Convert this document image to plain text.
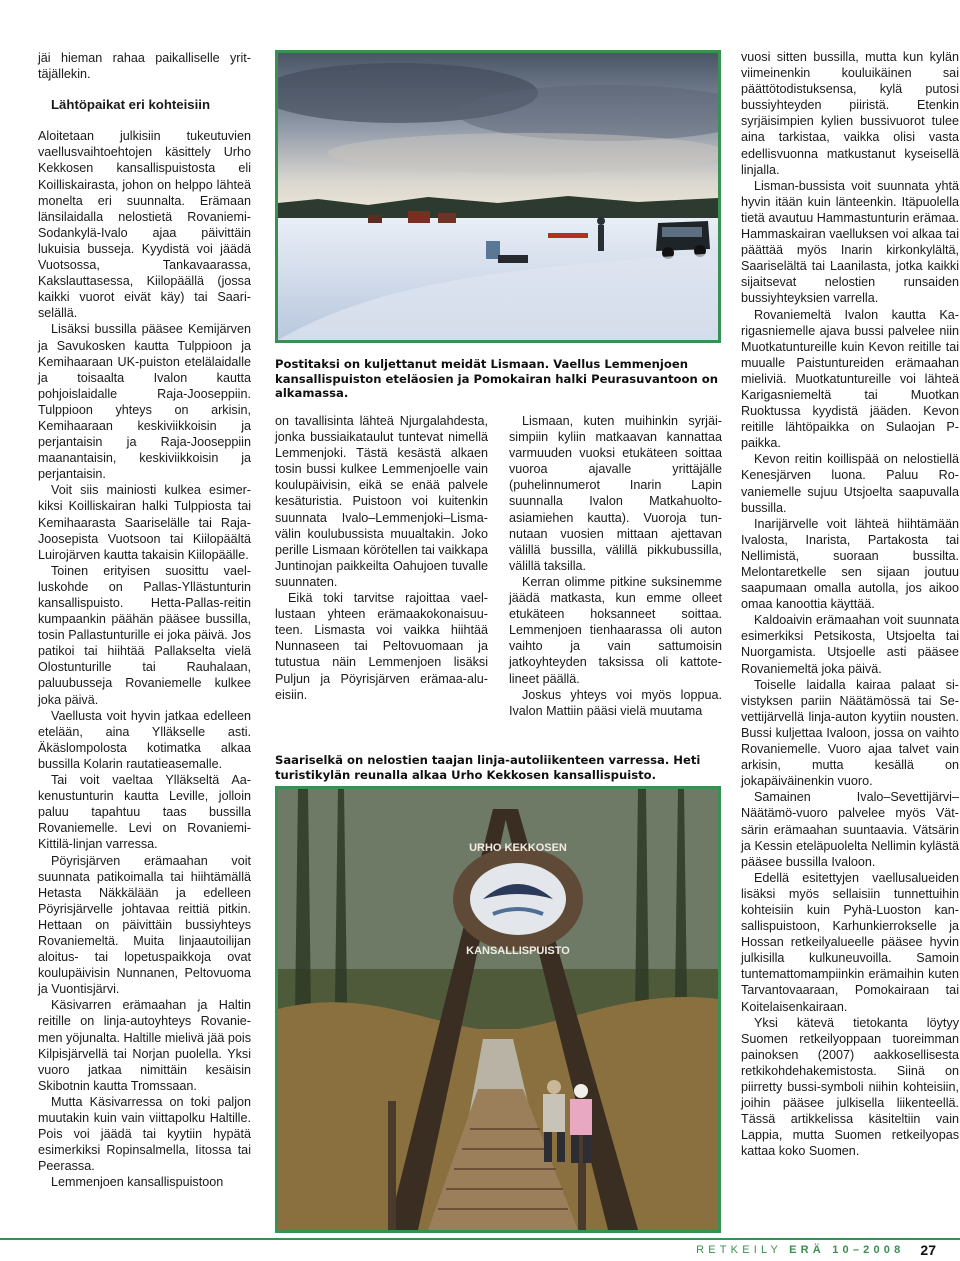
jäi hieman rahaa paikalliselle yrittäjällekin.

Lähtöpaikat eri kohteisiin

Aloitetaan julkisiin tukeutuvien vaellusvaihtoehtojen käsittely Urho Kekkosen kansallispuistosta eli Koilliskairasta, johon on helppo lähteä monelta eri suunnalta. Erämaan länsilaidalla nelostietä Rovaniemi-Sodankylä-Ivalo ajaa päivittäin lukuisia busseja. Kyydistä voi jäädä Vuotsossa, Tankavaarassa, Kakslauttasessa, Kiilopäällä (jossa kaikki vuorot eivät käy) tai Saariselällä.

Lisäksi bussilla pääsee Kemijärven ja Savukosken kautta Tulppioon ja Kemihaaraan UK-puiston etelälaidalle ja toisaalta Ivalon kautta pohjoislaidalle Raja-Jooseppiin. Tulppioon yhteys on arkisin, Kemihaaraan keskiviikkoisin ja perjantaisin ja Raja-Jooseppiin maanantaisin, keskiviikkoisin ja perjantaisin.

Voit siis mainiosti kulkea esimerkiksi Koilliskairan halki Tulppiosta tai Kemihaarasta Saariselälle tai Raja-Joosepista Vuotsoon tai Kiilopäältä Luirojärven kautta takaisin Kiilopäälle.

Toinen erityisen suosittu vaelluskohde on Pallas-Yllästunturin kansallispuisto. Hetta-Pallas-reitin kumpaankin päähän pääsee bussilla, tosin Pallastunturille ei joka päivä. Jos patikoi tai hiihtää Pallakselta vielä Olostunturille tai Rauhalaan, paluubusseja Rovaniemelle kulkee joka päivä.

Vaellusta voit hyvin jatkaa edelleen etelään, aina Ylläkselle asti. Äkäslompolosta kotimatka alkaa bussilla Kolarin rautatieasemalle.

Tai voit vaeltaa Ylläkseltä Aakenustunturin kautta Leville, jolloin paluu tapahtuu taas bussilla Rovaniemelle. Levi on Rovaniemi-Kittilä-linjan varressa.

Pöyrisjärven erämaahan voit suunnata patikoimalla tai hiihtämällä Hetasta Näkkälään ja edelleen Pöyrisjärvelle johtavaa reittiä pitkin. Hettaan on päivittäin bussiyhteys Rovaniemeltä. Muita linjaautoilijan aloitus- tai lopetuspaikkoja ovat koulupäivisin Nunnanen, Peltovuoma ja Vuontisjärvi.

Käsivarren erämaahan ja Haltin reitille on linja-autoyhteys Rovaniemen yöjunalta. Haltille mielivä jää pois Kilpisjärvellä tai Norjan puolella. Yksi vuoro jatkaa nimittäin kesäisin Skibotnin kautta Tromssaan.

Mutta Käsivarressa on toki paljon muutakin kuin vain viittapolku Haltille. Pois voi jäädä tai kyytiin hypätä esimerkiksi Ropinsalmella, Iitossa tai Peerassa.

Lemmenjoen kansallispuistoon

Postitaksi on kuljettanut meidät Lismaan. Vaellus Lemmenjoen kansallispuiston eteläosien ja Pomokairan halki Peurasuvantoon on alkamassa.

on tavallisinta lähteä Njurgalahdesta, jonka bussiaikataulut tuntevat nimellä Lemmenjoki. Tästä kesästä alkaen tosin bussi kulkee Lemmenjoelle vain koulupäivisin, eikä se enää palvele kesäturistia. Puistoon voi kuitenkin suunnata Ivalo–Lemmenjoki–Lisma-välin koulubussista muualtakin. Joko perille Lismaan körötellen tai vaikkapa Juntinojan paikkeilta Oahujoen tuvalle suunnaten.

Eikä toki tarvitse rajoittaa vaellustaan yhteen erämaakokonaisuuteen. Lismasta voi vaikka hiihtää Nunnaseen tai Peltovuomaan ja tutustua näin Lemmenjoen lisäksi Puljun ja Pöyrisjärven erämaa-alueisiin.

Lismaan, kuten muihinkin syrjäisimpiin kyliin matkaavan kannattaa varmuuden vuoksi etukäteen soittaa vuoroa ajavalle yrittäjälle (puhelinnumerot Inarin Lapin suunnalla Ivalon Matkahuoltoasiamiehen kautta). Vuoroja tunnutaan vuosien mittaan ajettavan välillä bussilla, välillä pikkubussilla, välillä taksilla.

Kerran olimme pitkine suksinemme jäädä matkasta, kun emme olleet etukäteen hoksanneet soittaa. Lemmenjoen tienhaarassa oli auton vaihto ja vain sattumoisin jatkoyhteyden taksissa oli kattotelineet päällä.

Joskus yhteys voi myös loppua. Ivalon Mattiin pääsi vielä muutama

Saariselkä on nelostien taajan linja-autoliikenteen varressa. Heti turistikylän reunalla alkaa Urho Kekkosen kansallispuisto.
URHO KEKKOSEN
KANSALLISPUISTO

vuosi sitten bussilla, mutta kun kylän viimeinenkin kouluikäinen sai päättötodistuksensa, kylä putosi bussiyhteyden piiristä. Etenkin syrjäisimpien kylien bussivuorot tulee aina tarkistaa, vaikka olisi vasta edellisvuonna matkustanut kyseisellä linjalla.

Lisman-bussista voit suunnata yhtä hyvin itään kuin länteenkin. Itäpuolella tietä avautuu Hammastunturin erämaa. Hammaskairan vaelluksen voi alkaa tai päättää myös Inarin kirkonkylältä, Saariselältä tai Laanilasta, jotka kaikki sijaitsevat nelostien runsaiden bussiyhteyksien varrella.

Rovaniemeltä Ivalon kautta Karigasniemelle ajava bussi palvelee niin Muotkatuntureille kuin Kevon reitille tai muualle Paistuntureiden erämaahan mieliviä. Muotkatuntureille voi lähteä Karigasniemeltä tai Muotkan Ruoktussa kyydistä jääden. Kevon reitille lähtöpaikka on Sulaojan P-paikka.

Kevon reitin koillispää on nelostiellä Kenesjärven luona. Paluu Rovaniemelle sujuu Utsjoelta saapuvalla bussilla.

Inarijärvelle voit lähteä hiihtämään Ivalosta, Inarista, Partakosta tai Nellimistä, suoraan bussilta. Melontaretkelle sen sijaan joutuu saapumaan omalla autolla, jos aikoo omaa kanoottia käyttää.

Kaldoaivin erämaahan voit suunnata esimerkiksi Petsikosta, Utsjoelta tai Nuorgamista. Utsjoelle asti pääsee Rovaniemeltä joka päivä.

Toiselle laidalla kairaa palaat sivistyksen pariin Näätämössä tai Sevettijärvellä linja-auton kyytiin nousten. Bussi kuljettaa Ivaloon, jossa on vaihto Rovaniemelle. Vuoro ajaa talvet vain arkisin, mutta kesällä on jokapäiväinenkin vuoro.

Samainen Ivalo–Sevettijärvi–Näätämö-vuoro palvelee myös Vätsärin erämaahan suuntaavia. Vätsärin ja Kessin eteläpuolelta Nellimin kylästä pääsee bussilla Ivaloon.

Edellä esitettyjen vaellusalueiden lisäksi myös sellaisiin tunnettuihin kohteisiin kuin Pyhä-Luoston kansallispuistoon, Karhunkierrokselle ja Hossan retkeilyalueelle pääsee hyvin julkisilla kulkuneuvoilla. Samoin tuntemattomampiinkin erämaihin kuten Tarvantovaaraan, Pomokairaan tai Koitelaisenkairaan.

Yksi kätevä tietokanta löytyy Suomen retkeilyoppaan tuoreimman painoksen (2007) aakkosellisesta retkikohdehakemistosta. Siinä on piirretty bussi-symboli niihin kohteisiin, joihin pääsee julkisella liikenteellä. Tässä artikkelissa käsiteltiin vain Lappia, mutta Suomen retkeilyopas kattaa koko Suomen.

RETKEILY ERÄ 10–2008 27
